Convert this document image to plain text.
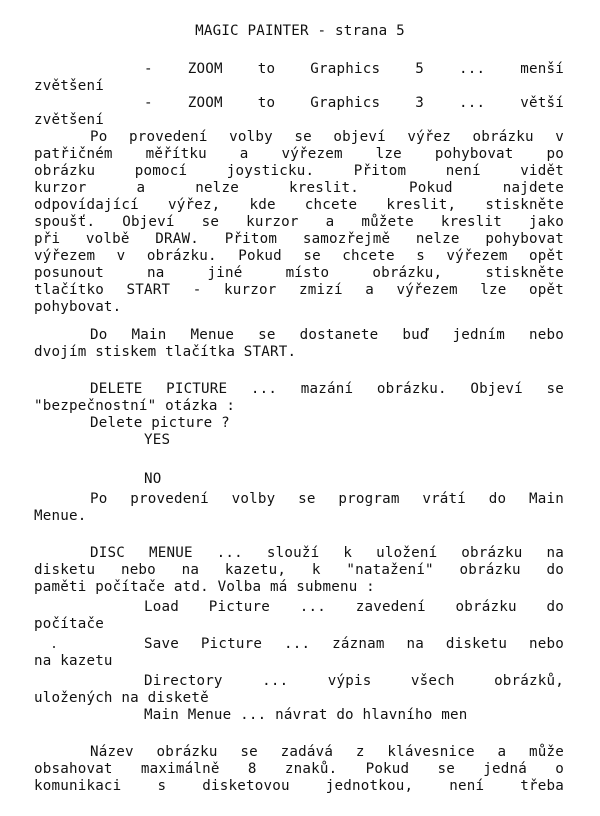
MAGIC PAINTER - strana 5
- ZOOM to Graphics 5 ... menší
zvětšení
- ZOOM to Graphics 3 ... větší
zvětšení
Po provedení volby se objeví výřez obrázku v
patřičném měřítku a výřezem lze pohybovat po
obrázku pomocí joysticku. Přitom není vidět
kurzor a nelze kreslit. Pokud najdete
odpovídající výřez, kde chcete kreslit, stiskněte
spoušť. Objeví se kurzor a můžete kreslit jako
při volbě DRAW. Přitom samozřejmě nelze pohybovat
výřezem v obrázku. Pokud se chcete s výřezem opět
posunout na jiné místo obrázku, stiskněte
tlačítko START - kurzor zmizí a výřezem lze opět
pohybovat.
Do Main Menue se dostanete buď jedním nebo
dvojím stiskem tlačítka START.
DELETE PICTURE ... mazání obrázku. Objeví se
"bezpečnostní" otázka :
Delete picture ?
YES
NO
Po provedení volby se program vrátí do Main
Menue.
DISC MENUE ... slouží k uložení obrázku na
disketu nebo na kazetu, k "natažení" obrázku do
paměti počítače atd. Volba má submenu :
Load Picture ... zavedení obrázku do
počítače
Save Picture ... záznam na disketu nebo
na kazetu
Directory ... výpis všech obrázků,
uložených na disketě
Main Menue ... návrat do hlavního men
Název obrázku se zadává z klávesnice a může
obsahovat maximálně 8 znaků. Pokud se jedná o
komunikaci s disketovou jednotkou, není třeba
